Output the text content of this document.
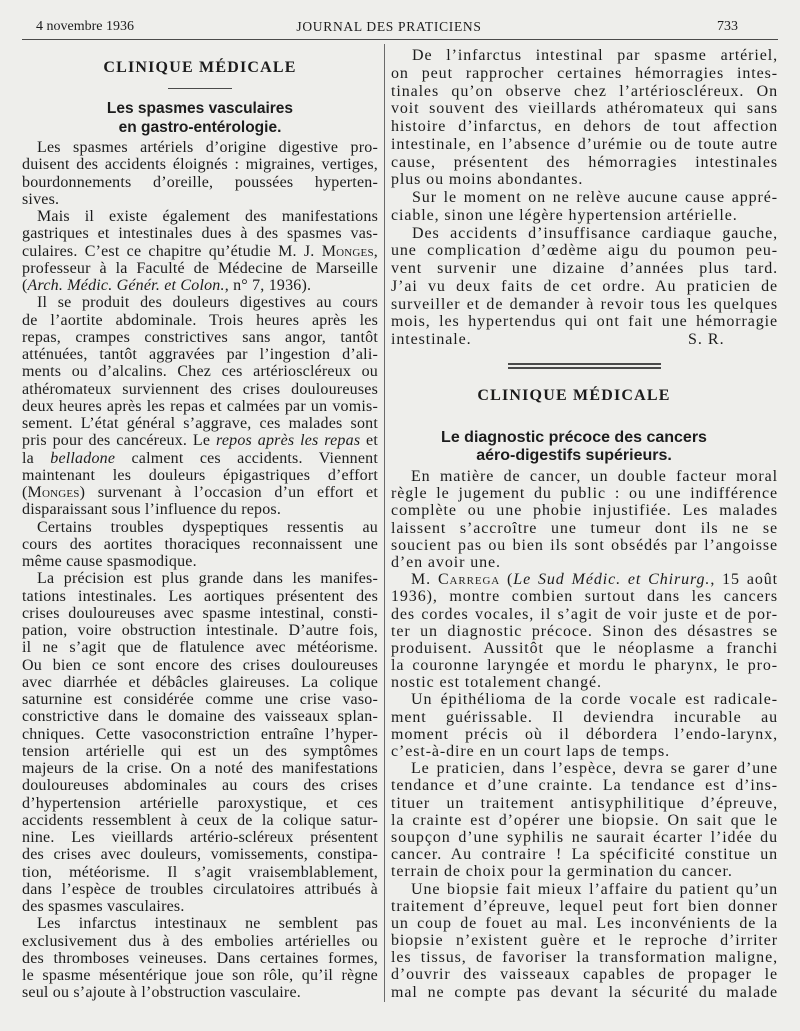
4 novembre 1936	JOURNAL DES PRATICIENS	733
CLINIQUE MÉDICALE
Les spasmes vasculaires
en gastro-entérologie.
Les spasmes artériels d’origine digestive pro-
duisent des accidents éloignés : migraines, vertiges,
bourdonnements d’oreille, poussées hyperten-
sives.
Mais il existe également des manifestations
gastriques et intestinales dues à des spasmes vas-
culaires. C’est ce chapitre qu’étudie M. J. Monges,
professeur à la Faculté de Médecine de Marseille
(Arch. Médic. Génér. et Colon., n° 7, 1936).
Il se produit des douleurs digestives au cours
de l’aortite abdominale. Trois heures après les
repas, crampes constrictives sans angor, tantôt
atténuées, tantôt aggravées par l’ingestion d’ali-
ments ou d’alcalins. Chez ces artérioscléreux ou
athéromateux surviennent des crises douloureuses
deux heures après les repas et calmées par un vomis-
sement. L’état général s’aggrave, ces malades sont
pris pour des cancéreux. Le repos après les repas et
la belladone calment ces accidents. Viennent
maintenant les douleurs épigastriques d’effort
(Monges) survenant à l’occasion d’un effort et
disparaissant sous l’influence du repos.
Certains troubles dyspeptiques ressentis au
cours des aortites thoraciques reconnaissent une
même cause spasmodique.
La précision est plus grande dans les manifes-
tations intestinales. Les aortiques présentent des
crises douloureuses avec spasme intestinal, consti-
pation, voire obstruction intestinale. D’autre fois,
il ne s’agit que de flatulence avec météorisme.
Ou bien ce sont encore des crises douloureuses
avec diarrhée et débâcles glaireuses. La colique
saturnine est considérée comme une crise vaso-
constrictive dans le domaine des vaisseaux splan-
chniques. Cette vasoconstriction entraîne l’hyper-
tension artérielle qui est un des symptômes
majeurs de la crise. On a noté des manifestations
douloureuses abdominales au cours des crises
d’hypertension artérielle paroxystique, et ces
accidents ressemblent à ceux de la colique satur-
nine. Les vieillards artério-scléreux présentent
des crises avec douleurs, vomissements, constipa-
tion, météorisme. Il s’agit vraisemblablement,
dans l’espèce de troubles circulatoires attribués à
des spasmes vasculaires.
Les infarctus intestinaux ne semblent pas
exclusivement dus à des embolies artérielles ou
des thromboses veineuses. Dans certaines formes,
le spasme mésentérique joue son rôle, qu’il règne
seul ou s’ajoute à l’obstruction vasculaire.
De l’infarctus intestinal par spasme artériel,
on peut rapprocher certaines hémorragies intes-
tinales qu’on observe chez l’artérioscléreux. On
voit souvent des vieillards athéromateux qui sans
histoire d’infarctus, en dehors de tout affection
intestinale, en l’absence d’urémie ou de toute autre
cause, présentent des hémorragies intestinales
plus ou moins abondantes.
Sur le moment on ne relève aucune cause appré-
ciable, sinon une légère hypertension artérielle.
Des accidents d’insuffisance cardiaque gauche,
une complication d’œdème aigu du poumon peu-
vent survenir une dizaine d’années plus tard.
J’ai vu deux faits de cet ordre. Au praticien de
surveiller et de demander à revoir tous les quelques
mois, les hypertendus qui ont fait une hémorragie
intestinale.	S. R.
CLINIQUE MÉDICALE
Le diagnostic précoce des cancers
aéro-digestifs supérieurs.
En matière de cancer, un double facteur moral
règle le jugement du public : ou une indifférence
complète ou une phobie injustifiée. Les malades
laissent s’accroître une tumeur dont ils ne se
soucient pas ou bien ils sont obsédés par l’angoisse
d’en avoir une.
M. Carrega (Le Sud Médic. et Chirurg., 15 août
1936), montre combien surtout dans les cancers
des cordes vocales, il s’agit de voir juste et de por-
ter un diagnostic précoce. Sinon des désastres se
produisent. Aussitôt que le néoplasme a franchi
la couronne laryngée et mordu le pharynx, le pro-
nostic est totalement changé.
Un épithélioma de la corde vocale est radicale-
ment guérissable. Il deviendra incurable au
moment précis où il débordera l’endo-larynx,
c’est-à-dire en un court laps de temps.
Le praticien, dans l’espèce, devra se garer d’une
tendance et d’une crainte. La tendance est d’ins-
tituer un traitement antisyphilitique d’épreuve,
la crainte est d’opérer une biopsie. On sait que le
soupçon d’une syphilis ne saurait écarter l’idée du
cancer. Au contraire ! La spécificité constitue un
terrain de choix pour la germination du cancer.
Une biopsie fait mieux l’affaire du patient qu’un
traitement d’épreuve, lequel peut fort bien donner
un coup de fouet au mal. Les inconvénients de la
biopsie n’existent guère et le reproche d’irriter
les tissus, de favoriser la transformation maligne,
d’ouvrir des vaisseaux capables de propager le
mal ne compte pas devant la sécurité du malade
